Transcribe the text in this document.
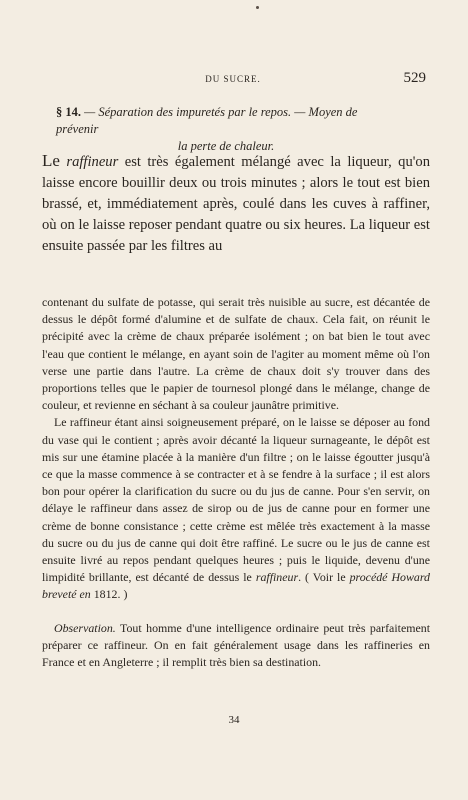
DU SUCRE.	529
§ 14. — Séparation des impuretés par le repos. — Moyen de prévenir
la perte de chaleur.
Le raffineur est très également mélangé avec la liqueur, qu'on laisse encore bouillir deux ou trois minutes ; alors le tout est bien brassé, et, immédiatement après, coulé dans les cuves à raffiner, où on le laisse reposer pendant quatre ou six heures. La liqueur est ensuite passée par les filtres au

contenant du sulfate de potasse, qui serait très nuisible au sucre, est décantée de dessus le dépôt formé d'alumine et de sulfate de chaux. Cela fait, on réunit le précipité avec la crème de chaux préparée isolément ; on bat bien le tout avec l'eau que contient le mélange, en ayant soin de l'agiter au moment même où l'on verse une partie dans l'autre. La crème de chaux doit s'y trouver dans des proportions telles que le papier de tournesol plongé dans le mélange, change de couleur, et revienne en séchant à sa couleur jaunâtre primitive.

Le raffineur étant ainsi soigneusement préparé, on le laisse se déposer au fond du vase qui le contient ; après avoir décanté la liqueur surnageante, le dépôt est mis sur une étamine placée à la manière d'un filtre ; on le laisse égoutter jusqu'à ce que la masse commence à se contracter et à se fendre à la surface ; il est alors bon pour opérer la clarification du sucre ou du jus de canne. Pour s'en servir, on délaye le raffineur dans assez de sirop ou de jus de canne pour en former une crème de bonne consistance ; cette crème est mêlée très exactement à la masse du sucre ou du jus de canne qui doit être raffiné. Le sucre ou le jus de canne est ensuite livré au repos pendant quelques heures ; puis le liquide, devenu d'une limpidité brillante, est décanté de dessus le raffineur. ( Voir le procédé Howard breveté en 1812. )

Observation. Tout homme d'une intelligence ordinaire peut très parfaitement préparer ce raffineur. On en fait généralement usage dans les raffineries en France et en Angleterre ; il remplit très bien sa destination.

34
